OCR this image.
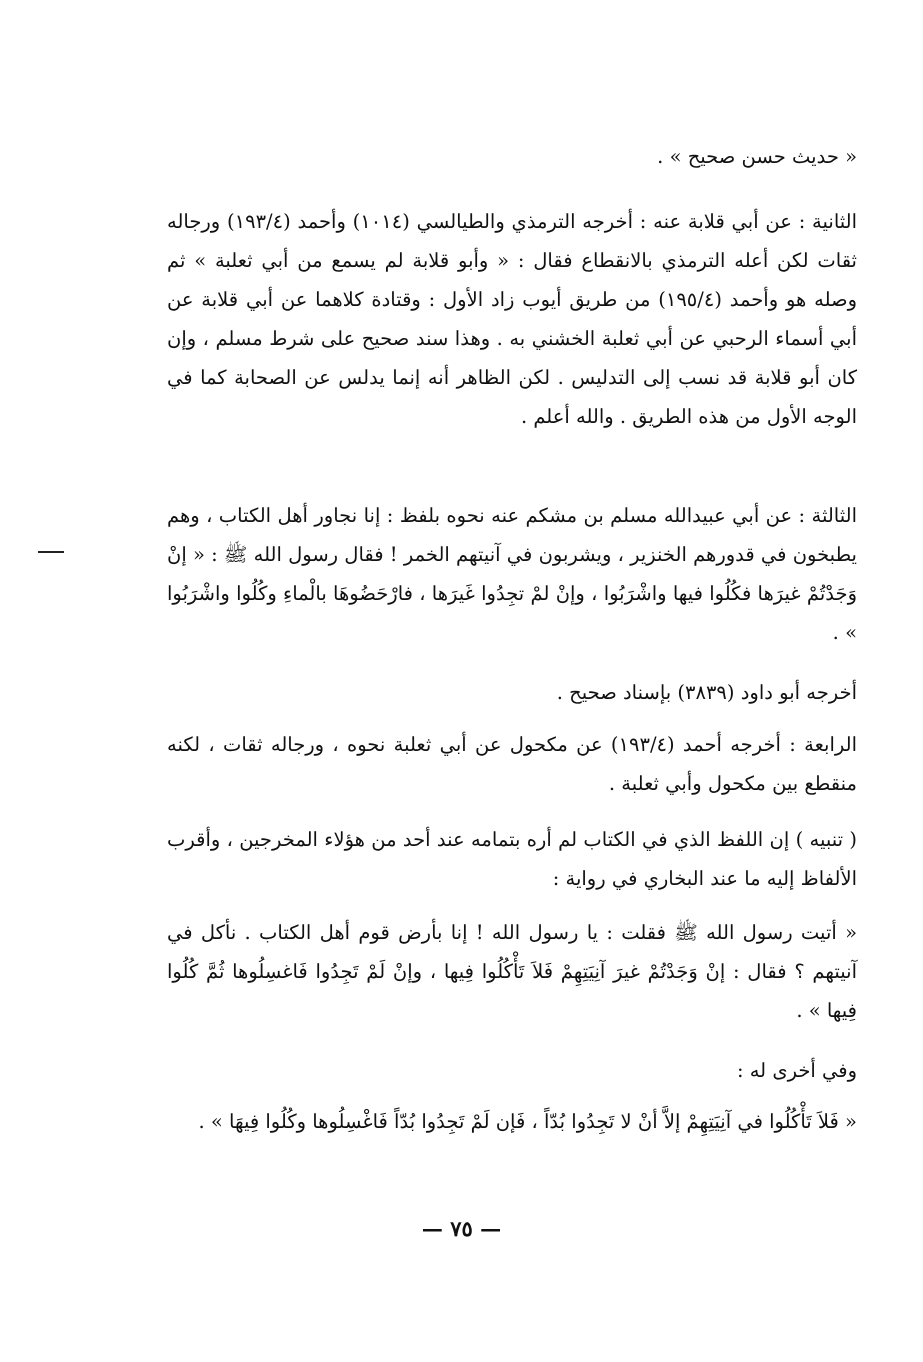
« حديث حسن صحيح » .

الثانية : عن أبي قلابة عنه : أخرجه الترمذي والطيالسي (١٠١٤) وأحمد (١٩٣/٤) ورجاله ثقات لكن أعله الترمذي بالانقطاع فقال : « وأبو قلابة لم يسمع من أبي ثعلبة » ثم وصله هو وأحمد (١٩٥/٤) من طريق أيوب زاد الأول : وقتادة كلاهما عن أبي قلابة عن أبي أسماء الرحبي عن أبي ثعلبة الخشني به . وهذا سند صحيح على شرط مسلم ، وإن كان أبو قلابة قد نسب إلى التدليس . لكن الظاهر أنه إنما يدلس عن الصحابة كما في الوجه الأول من هذه الطريق . والله أعلم .

الثالثة : عن أبي عبيدالله مسلم بن مشكم عنه نحوه بلفظ : إنا نجاور أهل الكتاب ، وهم يطبخون في قدورهم الخنزير ، ويشربون في آنيتهم الخمر ! فقال رسول الله ﷺ : « إنْ وَجَدْتُمْ غيرَها فكُلُوا فيها واشْرَبُوا ، وإنْ لمْ تجِدُوا غَيرَها ، فارْحَضُوهَا بالْماءِ وكُلُوا واشْرَبُوا » .

أخرجه أبو داود (٣٨٣٩) بإسناد صحيح .

الرابعة : أخرجه أحمد (١٩٣/٤) عن مكحول عن أبي ثعلبة نحوه ، ورجاله ثقات ، لكنه منقطع بين مكحول وأبي ثعلبة .

( تنبيه ) إن اللفظ الذي في الكتاب لم أره بتمامه عند أحد من هؤلاء المخرجين ، وأقرب الألفاظ إليه ما عند البخاري في رواية :

« أتيت رسول الله ﷺ فقلت : يا رسول الله ! إنا بأرض قوم أهل الكتاب . نأكل في آنيتهم ؟ فقال : إنْ وَجَدْتُمْ غيرَ آنِيَتِهِمْ فَلاَ تَأْكُلُوا فِيها ، وإنْ لَمْ تَجِدُوا فَاغسِلُوها ثُمَّ كُلُوا فِيها » .

وفي أخرى له :

« فَلاَ تَأْكُلُوا في آنِيَتِهِمْ إلاَّ أنْ لا تَجِدُوا بُدّاً ، فَإن لَمْ تَجِدُوا بُدّاً فَاغْسِلُوها وكُلُوا فِيهَا » .

— ٧٥ —
